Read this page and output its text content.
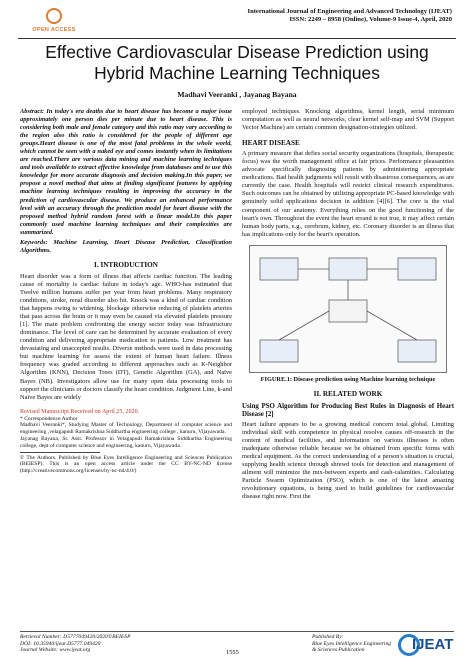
OPEN ACCESS
International Journal of Engineering and Advanced Technology (IJEAT)
ISSN: 2249 – 8958 (Online), Volume-9 Issue-4, April, 2020
Effective Cardiovascular Disease Prediction using
Hybrid Machine Learning Techniques
Madhavi Veeranki , Jayanag Bayana

Abstract: In today's era deaths due to heart disease has become a major issue approximately one person dies per minute due to heart disease. This is considering both male and female category and this ratio may vary according to the region also this ratio is considered for the people of different age groups.Heart disease is one of the most fatal problems in the whole world, which cannot be seen with a naked eye and comes instantly when its limitations are reached.There are various data mining and machine learning techniques and tools available to extract effective knowledge from databases and to use this knowledge for more accurate diagnosis and decision making.In this paper, we propose a novel method that aims at finding significant features by applying machine learning techniques resulting in improving the accuracy in the prediction of cardiovascular disease. We produce an enhanced performance level with an accuracy through the prediction model for heart disease with the proposed method hybrid random forest with a linear model.In this paper commonly used machine learning techniques and their complexities are summarized.

Keywords: Machine Learning, Heart Disease Prediction, Classification Algorithms.

I. INTRODUCTION

Heart disorder was a form of illness that affects cardiac function. The leading cause of mortality is cardiac failure in today's age. WHO-has estimated that Twelve million humans suffer per year from heart problems. Many respiratory conditions, stroke, renal disorder also hit. Knock was a kind of cardiac condition that happens owing to widening, blockage otherwise reducing of platelets arteries that pass across the brain or it may even be caused via elevated platelets pressure [1]. The main problem confronting the energy sector today was infrastructure dominance. The level of care can be determined by accurate evaluation of every condition and delivering appropriate medication to patients. Low treatment has devastating and unaccepted results. Diverse methods were used in data processing but machine learning for assess the extent of human heart failure. Illness frequency was graded according to different approaches such as K-Neighbor Algorithm (KNN), Decision Trees (DT), Genetic Algorithm (GA), and Naïve Bayes (NB). Investigators allow use for many open data processing tools to support the clinicians or doctors classify the heart condition. Judgment Line, k-and Naïve Bayes are widely

Revised Manuscript Received on April 25, 2020.
* Correspondence Author
Madhavi Veeranki*, Studying Master of Technology, Department of computer science and engineering ,velagapudi Ramakrishna Siddhartha engineering college , kanuru, Vijayawada.
Jayanag Bayana, Sr. Asst. Professor in Velagapudi Ramakrishna Siddhartha Engineering college, dept of computer science and engineering, kanuru, Vijayawada.
© The Authors. Published by Blue Eyes Intelligence Engineering and Sciences Publication (BEIESP). This is an open access article under the CC BY-NC-ND license (http://creativecommons.org/licenses/by-nc-nd/4.0/)

employed techniques. Knocking algorithms, kernel length, serial minimum computation as well as neural networks, clear kernel self-map and SVM (Support Vector Machine) are certain common designation-strategies utilized.

HEART DISEASE

A primary measure that defies social security organizations (hospitals, therapeutic focus) was the worth management office at fair prices. Performance pleasantries advocate specifically diagnosing patients by administering appropriate medications. Bad health judgments will result with disastrous consequences, as are currently the case. Health hospitals will restrict clinical research expenditures. Such outcomes can be obtained by utilizing appropriate PC-based knowledge with genuinely solid applications decision in addition [4][6]. The core is the vital component of our anatomy. Everything relies on the good functioning of the heart's own. Throughout the event the heart errand is not true, it may affect certain human body parts, e.g., cerebrum, kidney, etc. Coronary disorder is an illness that has implications only for the heart's operation.

FIGURE.1: Disease prediction using Machine learning technique
II. RELATED WORK
Using PSO Algorithm for Producing Best Rules in Diagnosis of Heart Disease [2]

Heart failure appears to be a growing medical concern total global. Limiting individual skill with competence in physical resolve causes off-research in the content of medical facilities, and information on various illnesses is often inadequate otherwise reliable because we be obtained from specific forms with medical equipment. As the correct understanding of a person's situation is crucial, supplying health science through shrewd tools for detection and management of ailment will minimize the mix-between experts and cash-calamities. Calculating Particle Swarm Optimization (PSO), which is one of the latest amazing revolutionary equations, is being used to build guidelines for cardiovascular disease right now. First the

Retrieval Number: D5777049420/2020©BEIESP
DOI: 10.35940/ijeat.D5777.049420
Journal Website: www.ijeat.org	1555
Published By:
Blue Eyes Intelligence Engineering
& Sciences Publication	IJEAT
